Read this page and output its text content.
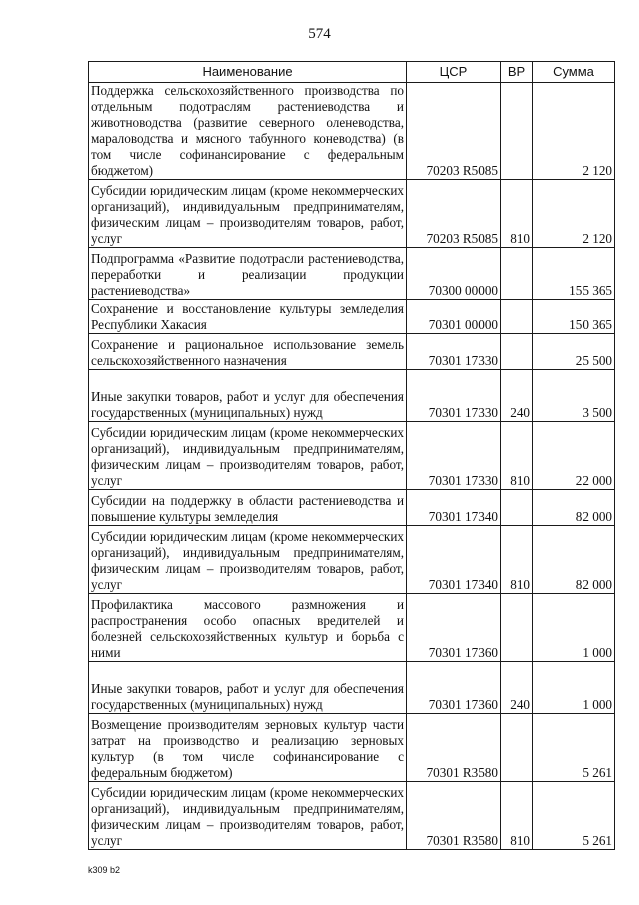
574
Наименование	ЦСР	ВР	Сумма
Поддержка сельскохозяйственного производства по отдельным подотраслям растениеводства и животноводства (развитие северного оленеводства, мараловодства и мясного табунного коневодства) (в том числе софинансирование с федеральным бюджетом)	70203 R5085		2 120
Субсидии юридическим лицам (кроме некоммерческих организаций), индивидуальным предпринимателям, физическим лицам – производителям товаров, работ, услуг	70203 R5085	810	2 120
Подпрограмма «Развитие подотрасли растениеводства, переработки и реализации продукции растениеводства»	70300 00000		155 365
Сохранение и восстановление культуры земледелия Республики Хакасия	70301 00000		150 365
Сохранение и рациональное использование земель сельскохозяйственного назначения	70301 17330		25 500
Иные закупки товаров, работ и услуг для обеспечения государственных (муниципальных) нужд	70301 17330	240	3 500
Субсидии юридическим лицам (кроме некоммерческих организаций), индивидуальным предпринимателям, физическим лицам – производителям товаров, работ, услуг	70301 17330	810	22 000
Субсидии на поддержку в области растениеводства и повышение культуры земледелия	70301 17340		82 000
Субсидии юридическим лицам (кроме некоммерческих организаций), индивидуальным предпринимателям, физическим лицам – производителям товаров, работ, услуг	70301 17340	810	82 000
Профилактика массового размножения и распространения особо опасных вредителей и болезней сельскохозяйственных культур и борьба с ними	70301 17360		1 000
Иные закупки товаров, работ и услуг для обеспечения государственных (муниципальных) нужд	70301 17360	240	1 000
Возмещение производителям зерновых культур части затрат на производство и реализацию зерновых культур (в том числе софинансирование с федеральным бюджетом)	70301 R3580		5 261
Субсидии юридическим лицам (кроме некоммерческих организаций), индивидуальным предпринимателям, физическим лицам – производителям товаров, работ, услуг	70301 R3580	810	5 261
k309 b2
